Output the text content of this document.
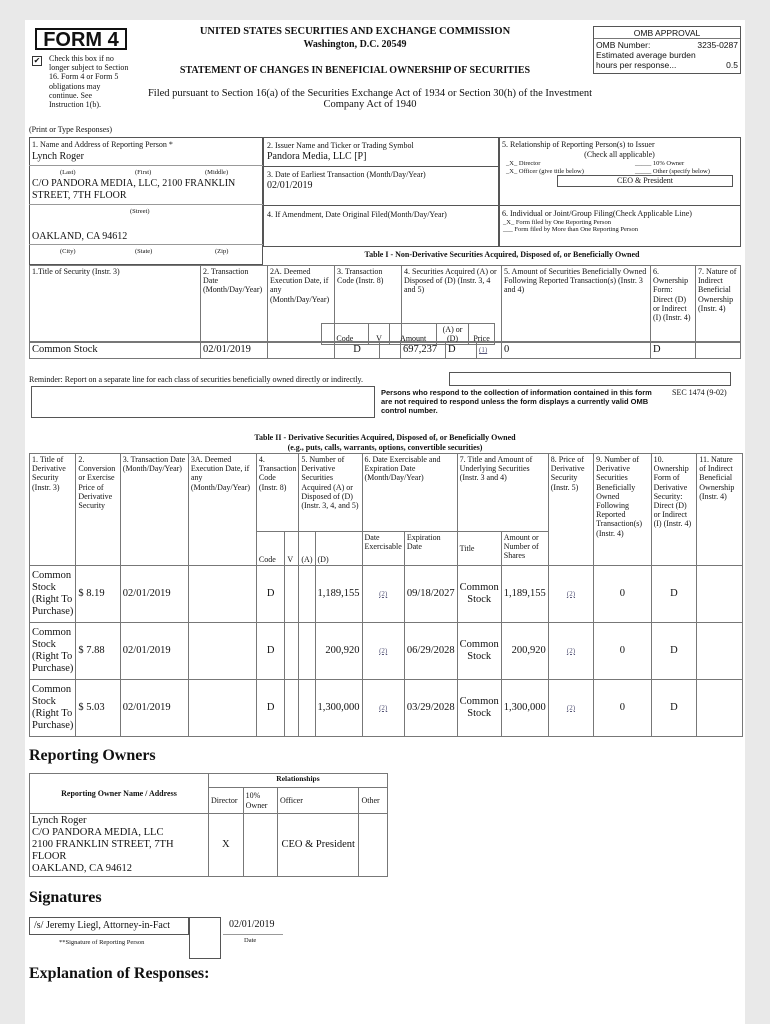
FORM 4
✔ Check this box if no
longer subject to Section
16. Form 4 or Form 5
obligations may
continue. See
Instruction 1(b).
UNITED STATES SECURITIES AND EXCHANGE COMMISSION
Washington, D.C. 20549
STATEMENT OF CHANGES IN BENEFICIAL OWNERSHIP OF SECURITIES
Filed pursuant to Section 16(a) of the Securities Exchange Act of 1934 or Section 30(h) of the Investment Company Act of 1940
OMB APPROVAL
OMB Number:	3235-0287
Estimated average burden
hours per response...	0.5
(Print or Type Responses)
1. Name and Address of Reporting Person *
Lynch Roger
(Last)	(First)	(Middle)
C/O PANDORA MEDIA, LLC, 2100 FRANKLIN STREET, 7TH FLOOR
(Street)
OAKLAND, CA 94612
(City)	(State)	(Zip)
2. Issuer Name and Ticker or Trading Symbol
Pandora Media, LLC [P]
3. Date of Earliest Transaction (Month/Day/Year)
02/01/2019
4. If Amendment, Date Original Filed(Month/Day/Year)
5. Relationship of Reporting Person(s) to Issuer
(Check all applicable)
_X_ Director	_____ 10% Owner
_X_ Officer (give title below)	_____ Other (specify below)
CEO & President
6. Individual or Joint/Group Filing(Check Applicable Line)
_X_ Form filed by One Reporting Person
___ Form filed by More than One Reporting Person
Table I - Non-Derivative Securities Acquired, Disposed of, or Beneficially Owned
1.Title of Security (Instr. 3)	2. Transaction Date (Month/Day/Year)	2A. Deemed Execution Date, if any (Month/Day/Year)	3. Transaction Code (Instr. 8)	4. Securities Acquired (A) or Disposed of (D) (Instr. 3, 4 and 5)	5. Amount of Securities Beneficially Owned Following Reported Transaction(s) (Instr. 3 and 4)	6. Ownership Form: Direct (D) or Indirect (I) (Instr. 4)	7. Nature of Indirect Beneficial Ownership (Instr. 4)

Code	V	Amount	(A) or (D)	Price
Common Stock	02/01/2019		D		697,237	D	(1)	0	D	
Reminder: Report on a separate line for each class of securities beneficially owned directly or indirectly.
Persons who respond to the collection of information contained in this form are not required to respond unless the form displays a currently valid OMB control number.
SEC 1474 (9-02)
Table II - Derivative Securities Acquired, Disposed of, or Beneficially Owned
(e.g., puts, calls, warrants, options, convertible securities)
1. Title of Derivative Security (Instr. 3)	2. Conversion or Exercise Price of Derivative Security	3. Transaction Date (Month/Day/Year)	3A. Deemed Execution Date, if any (Month/Day/Year)	4. Transaction Code (Instr. 8)		5. Number of Derivative Securities Acquired (A) or Disposed of (D) (Instr. 3, 4, and 5)		6. Date Exercisable and Expiration Date (Month/Day/Year)		7. Title and Amount of Underlying Securities (Instr. 3 and 4)		8. Price of Derivative Security (Instr. 5)	9. Number of Derivative Securities Beneficially Owned Following Reported Transaction(s) (Instr. 4)	10. Ownership Form of Derivative Security: Direct (D) or Indirect (I) (Instr. 4)	11. Nature of Indirect Beneficial Ownership (Instr. 4)
				Code	V	(A)	(D)	Date Exercisable	Expiration Date	Title	Amount or Number of Shares				
Common Stock (Right To Purchase)	$ 8.19	02/01/2019		D			1,189,155	(2)	09/18/2027	Common Stock	1,189,155	(2)	0	D	
Common Stock (Right To Purchase)	$ 7.88	02/01/2019		D			200,920	(2)	06/29/2028	Common Stock	200,920	(2)	0	D	
Common Stock (Right To Purchase)	$ 5.03	02/01/2019		D			1,300,000	(2)	03/29/2028	Common Stock	1,300,000	(2)	0	D	
Reporting Owners
Reporting Owner Name / Address	Relationships			
	Director	10% Owner	Officer	Other
Lynch Roger
C/O PANDORA MEDIA, LLC
2100 FRANKLIN STREET, 7TH FLOOR
OAKLAND, CA 94612	X		CEO & President	
Signatures
Explanation of Responses:
/s/ Jeremy Liegl, Attorney-in-Fact	02/01/2019
**Signature of Reporting Person	Date
